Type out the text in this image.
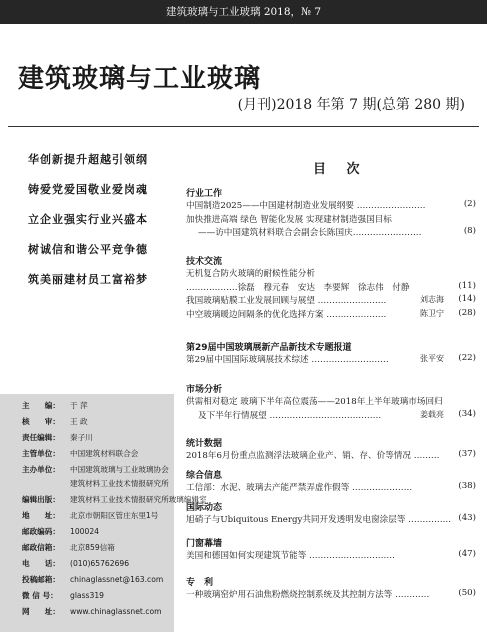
建筑玻璃与工业玻璃 2018，№ 7
建筑玻璃与工业玻璃
(月刊)2018 年第 7 期(总第 280 期)
华创新提升超越引领纲
铸爱党爱国敬业爱岗魂
立企业强实行业兴盛本
树诚信和谐公平竞争德
筑美丽建材员工富裕梦
主　　编： 于 萍
核　　审： 王 政
责任编辑： 秦子川
主管单位： 中国建筑材料联合会
主办单位： 中国建筑玻璃与工业玻璃协会
建筑材料工业技术情报研究所
编辑出版： 建筑材料工业技术情报研究所玻璃编辑室
地　　址： 北京市朝阳区管庄东里1号
邮政编码： 100024
邮政信箱： 北京859信箱
电　　话： (010)65762696
投稿邮箱： chinaglassnet@163.com
微 信 号： glass319
网　　址： www.chinaglassnet.com
目 次
行业工作
中国制造2025——中国建材制造业发展纲要 ……………………	(2)
加快推进高端 绿色 智能化发展 实现建材制造强国目标
——访中国建筑材料联合会副会长陈国庆……………………	(8)
技术交流
无机复合防火玻璃的耐候性能分析
………………徐磊　穆元春　安达　李要辉　徐志伟　付静	(11)
我国玻璃贴膜工业发展回顾与展望 ……………………	刘志海 (14)
中空玻璃暖边间隔条的优化选择方案 …………………	陈卫宁 (28)
第29届中国玻璃展新产品新技术专题报道
第29届中国国际玻璃展技术综述 ………………………	张平安 (22)
市场分析
供需相对稳定 玻璃下半年高位震荡——2018年上半年玻璃市场回归
及下半年行情展望 …………………………………	姜载亮 (34)
统计数据
2018年6月份重点监测浮法玻璃企业产、销、存、价等情况 ……… (37)
综合信息
工信部：水泥、玻璃去产能严禁弄虚作假等 …………………	(38)
国际动态
旭硝子与Ubiquitous Energy共同开发透明发电窗涂层等 …………… (43)
门窗幕墙
美国和德国如何实现建筑节能等 …………………………	(47)
专　利
一种玻璃窑炉用石油焦粉燃烧控制系统及其控制方法等 …………	(50)
